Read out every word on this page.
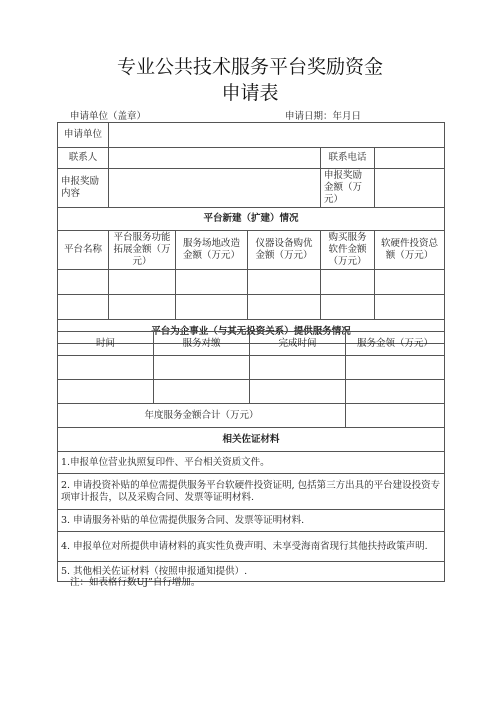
专业公共技术服务平台奖励资金
申请表
申请单位（盖章）	申请日期：年月日
申请单位					
联系人				联系电话	
申报奖励内容				申报奖励金额（万元）	
平台新建（扩建）情况					
平台名称	平台服务功能拓展金额（万元）	服务场地改造金额（万元）	仪器设备购优金额（万元）	购买服务软件金额（万元）	软硬件投资总额（万元）

平台为企事业（与其无投资关系）提供服务情况					
时间	服务对缴	完成时间	服务金领（万元）

年度服务金额合计（万元）			
相关佐证材料			
1.申报单位营业执照复印件、平台相关资质文件。			
2. 申请投资补贴的单位需提供服务平台软硬件投资证明, 包括第三方出具的平台建设投资专项审计报告，以及采购合同、发票等证明材料.			
3. 申请服务补贴的单位需提供服务合同、发票等证明材料.			
4. 申报单位对所提供申请材料的真实性负费声明、未享受海南省现行其他扶持政策声明.			
5. 其他相关佐证材料（按照申报通知提供）.			
注：如表格行数UJ”自行增加。
